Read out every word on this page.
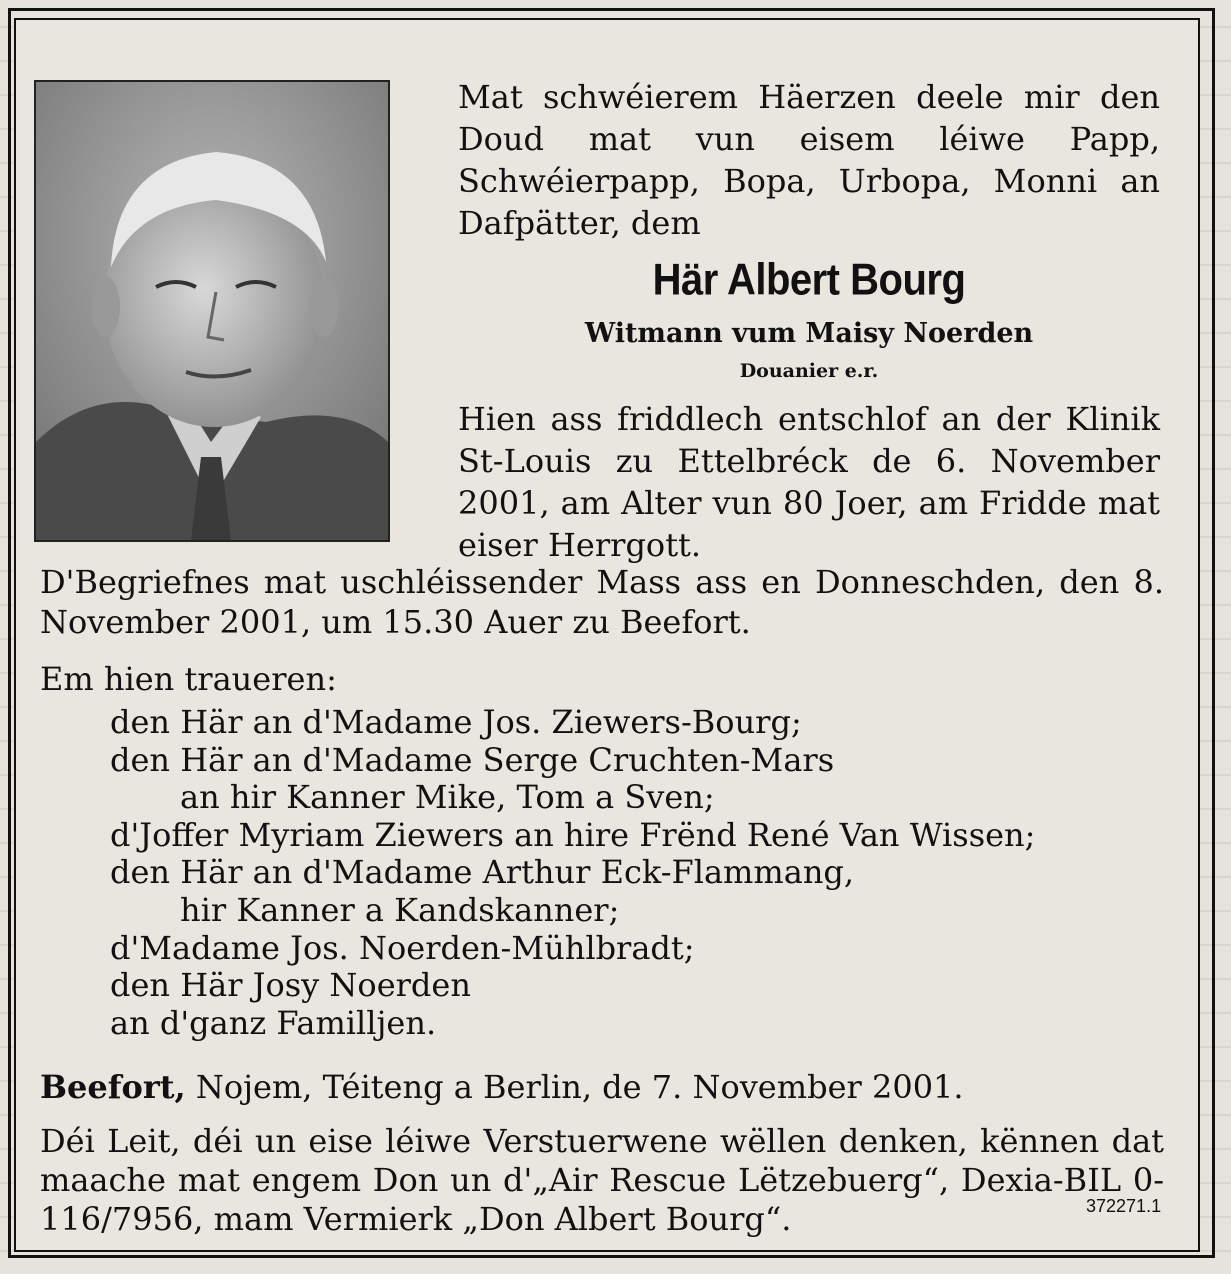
Mat schwéierem Häerzen deele mir den Doud mat vun eisem léiwe Papp, Schwéierpapp, Bopa, Urbopa, Monni an
Dafpätter, dem
Här Albert Bourg
Witmann vum Maisy Noerden
Douanier e.r.
Hien ass friddlech entschlof an der Klinik St-Louis zu Ettelbréck de 6. November 2001, am Alter vun 80 Joer, am Fridde mat eiser Herrgott.
D'Begriefnes mat uschléissender Mass ass en Donneschden, den 8. November 2001, um 15.30 Auer zu Beefort.
Em hien traueren:
den Här an d'Madame Jos. Ziewers-Bourg;
den Här an d'Madame Serge Cruchten-Mars
an hir Kanner Mike, Tom a Sven;
d'Joffer Myriam Ziewers an hire Frënd René Van Wissen;
den Här an d'Madame Arthur Eck-Flammang,
hir Kanner a Kandskanner;
d'Madame Jos. Noerden-Mühlbradt;
den Här Josy Noerden
an d'ganz Familljen.
Beefort, Nojem, Téiteng a Berlin, de 7. November 2001.
Déi Leit, déi un eise léiwe Verstuerwene wëllen denken, kënnen dat maache mat engem Don un d'„Air Rescue Lëtzebuerg“, Dexia-BIL 0-116/7956, mam Vermierk „Don Albert Bourg“.	372271.1
